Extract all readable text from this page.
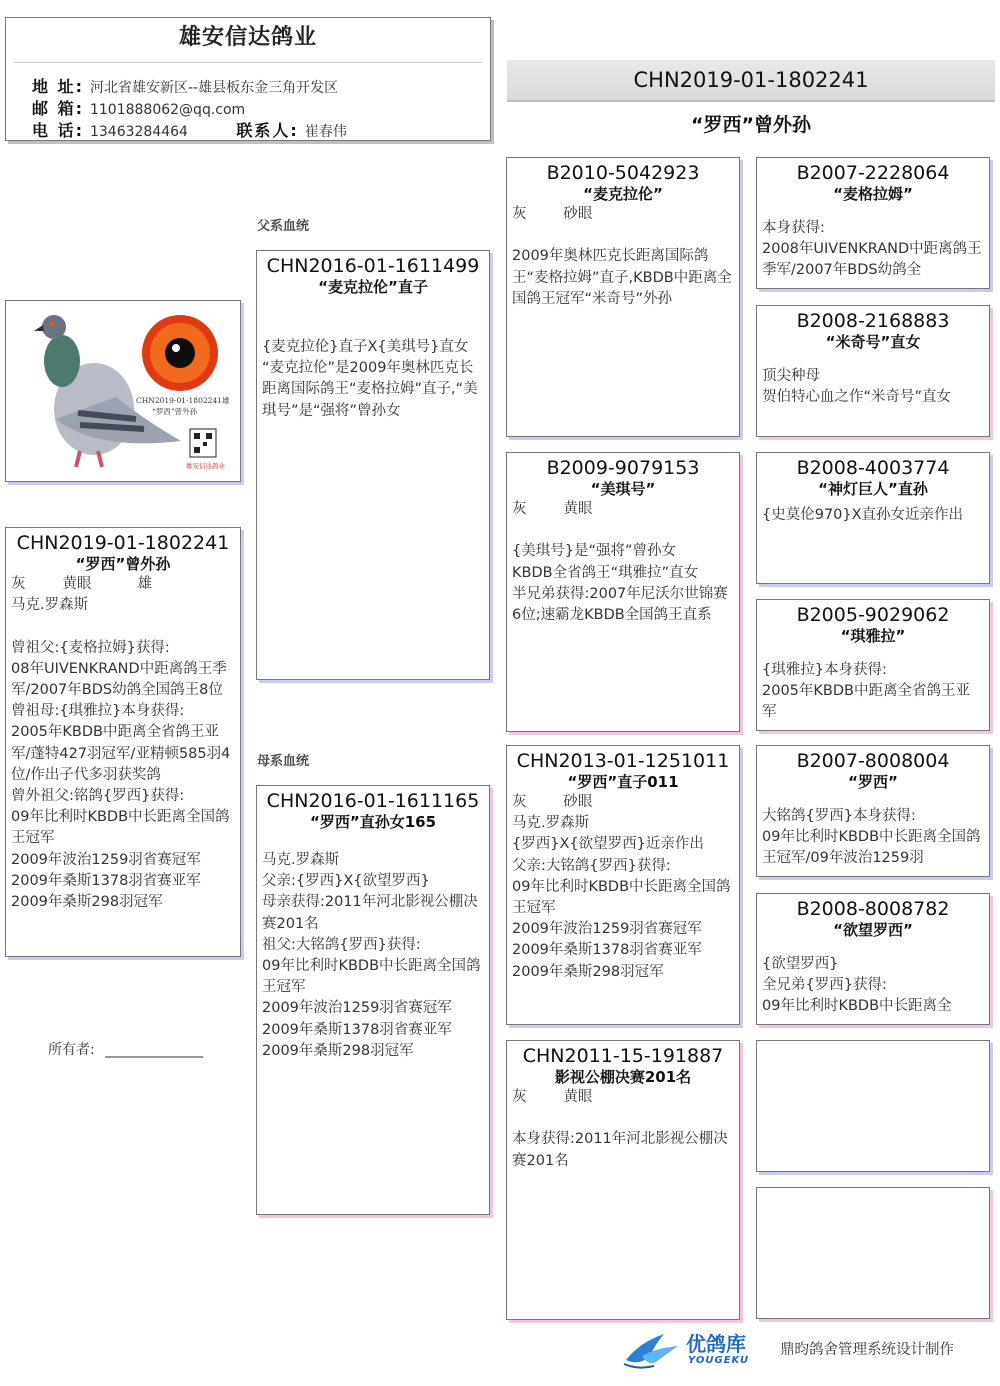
雄安信达鸽业
地 址: 河北省雄安新区--雄县板东金三角开发区
邮 箱: 1101888062@qq.com
电 话: 13463284464	联系人: 崔春伟
CHN2019-01-1802241
“罗西”曾外孙
CHN2019-01-1802241雄
“罗西”曾外孙
雄安信达鸽业
CHN2019-01-1802241
“罗西”曾外孙
灰        黄眼          雄
马克.罗森斯

曾祖父:{麦格拉姆}获得:
08年UIVENKRAND中距离鸽王季军/2007年BDS幼鸽全国鸽王8位
曾祖母:{琪雅拉}本身获得:
2005年KBDB中距离全省鸽王亚军/蓬特427羽冠军/亚精顿585羽4位/作出子代多羽获奖鸽
曾外祖父:铭鸽{罗西}获得:
09年比利时KBDB中长距离全国鸽王冠军
2009年波治1259羽省赛冠军
2009年桑斯1378羽省赛亚军
2009年桑斯298羽冠军
所有者: ______________
父系血统
母系血统
CHN2016-01-1611499
“麦克拉伦”直子
{麦克拉伦}直子X{美琪号}直女
“麦克拉伦”是2009年奥林匹克长距离国际鸽王“麦格拉姆”直子,“美琪号”是“强将”曾孙女
CHN2016-01-1611165
“罗西”直孙女165
马克.罗森斯
父亲:{罗西}X{欲望罗西}
母亲获得:2011年河北影视公棚决赛201名
祖父:大铭鸽{罗西}获得:
09年比利时KBDB中长距离全国鸽王冠军
2009年波治1259羽省赛冠军
2009年桑斯1378羽省赛亚军
2009年桑斯298羽冠军
B2010-5042923
“麦克拉伦”
灰        砂眼

2009年奥林匹克长距离国际鸽王“麦格拉姆”直子,KBDB中距离全国鸽王冠军“米奇号”外孙
B2009-9079153
“美琪号”
灰        黄眼

{美琪号}是“强将”曾孙女
KBDB全省鸽王“琪雅拉”直女
半兄弟获得:2007年尼沃尔世锦赛6位;速霸龙KBDB全国鸽王直系
CHN2013-01-1251011
“罗西”直子011
灰        砂眼
马克.罗森斯
{罗西}X{欲望罗西}近亲作出
父亲:大铭鸽{罗西}获得:
09年比利时KBDB中长距离全国鸽王冠军
2009年波治1259羽省赛冠军
2009年桑斯1378羽省赛亚军
2009年桑斯298羽冠军
CHN2011-15-191887
影视公棚决赛201名
灰        黄眼

本身获得:2011年河北影视公棚决赛201名
B2007-2228064
“麦格拉姆”
本身获得:
2008年UIVENKRAND中距离鸽王季军/2007年BDS幼鸽全
B2008-2168883
“米奇号”直女
顶尖种母
贺伯特心血之作“米奇号”直女
B2008-4003774
“神灯巨人”直孙
{史莫伦970}X直孙女近亲作出
B2005-9029062
“琪雅拉”
{琪雅拉}本身获得:
2005年KBDB中距离全省鸽王亚军
B2007-8008004
“罗西”
大铭鸽{罗西}本身获得:
09年比利时KBDB中长距离全国鸽王冠军/09年波治1259羽
B2008-8008782
“欲望罗西”
{欲望罗西}
全兄弟{罗西}获得:
09年比利时KBDB中长距离全
优鸽库
YOUGEKU
鼎昀鸽舍管理系统设计制作
